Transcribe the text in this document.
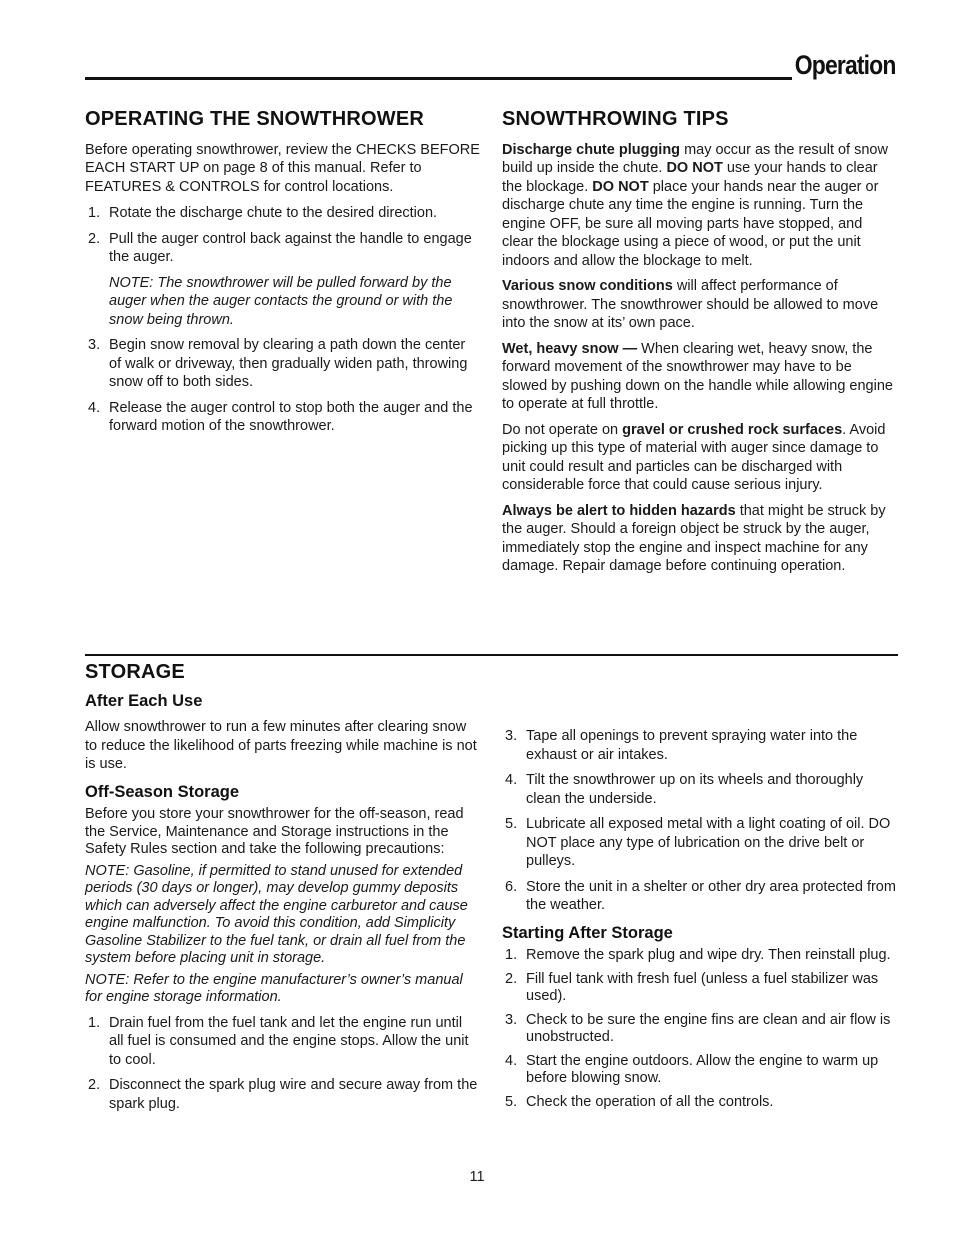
Operation
OPERATING THE SNOWTHROWER

Before operating snowthrower, review the CHECKS BEFORE EACH START UP on page 8 of this manual. Refer to FEATURES & CONTROLS for control locations.

1. Rotate the discharge chute to the desired direction.
2. Pull the auger control back against the handle to engage the auger.

NOTE: The snowthrower will be pulled forward by the auger when the auger contacts the ground or with the snow being thrown.

3. Begin snow removal by clearing a path down the center of walk or driveway, then gradually widen path, throwing snow off to both sides.
4. Release the auger control to stop both the auger and the forward motion of the snowthrower.
SNOWTHROWING TIPS

Discharge chute plugging may occur as the result of snow build up inside the chute. DO NOT use your hands to clear the blockage. DO NOT place your hands near the auger or discharge chute any time the engine is running. Turn the engine OFF, be sure all moving parts have stopped, and clear the blockage using a piece of wood, or put the unit indoors and allow the blockage to melt.

Various snow conditions will affect performance of snowthrower. The snowthrower should be allowed to move into the snow at its’ own pace.

Wet, heavy snow — When clearing wet, heavy snow, the forward movement of the snowthrower may have to be slowed by pushing down on the handle while allowing engine to operate at full throttle.

Do not operate on gravel or crushed rock surfaces. Avoid picking up this type of material with auger since damage to unit could result and particles can be discharged with considerable force that could cause serious injury.

Always be alert to hidden hazards that might be struck by the auger. Should a foreign object be struck by the auger, immediately stop the engine and inspect machine for any damage. Repair damage before continuing operation.

STORAGE
After Each Use

Allow snowthrower to run a few minutes after clearing snow to reduce the likelihood of parts freezing while machine is not is use.

Off-Season Storage

Before you store your snowthrower for the off-season, read the Service, Maintenance and Storage instructions in the Safety Rules section and take the following precautions:

NOTE: Gasoline, if permitted to stand unused for extended periods (30 days or longer), may develop gummy deposits which can adversely affect the engine carburetor and cause engine malfunction. To avoid this condition, add Simplicity Gasoline Stabilizer to the fuel tank, or drain all fuel from the system before placing unit in storage.

NOTE: Refer to the engine manufacturer’s owner’s manual for engine storage information.

1. Drain fuel from the fuel tank and let the engine run until all fuel is consumed and the engine stops. Allow the unit to cool.
2. Disconnect the spark plug wire and secure away from the spark plug.
3. Tape all openings to prevent spraying water into the exhaust or air intakes.
4. Tilt the snowthrower up on its wheels and thoroughly clean the underside.
5. Lubricate all exposed metal with a light coating of oil. DO NOT place any type of lubrication on the drive belt or pulleys.
6. Store the unit in a shelter or other dry area protected from the weather.
Starting After Storage
1. Remove the spark plug and wipe dry. Then reinstall plug.
2. Fill fuel tank with fresh fuel (unless a fuel stabilizer was used).
3. Check to be sure the engine fins are clean and air flow is unobstructed.
4. Start the engine outdoors. Allow the engine to warm up before blowing snow.
5. Check the operation of all the controls.
11
